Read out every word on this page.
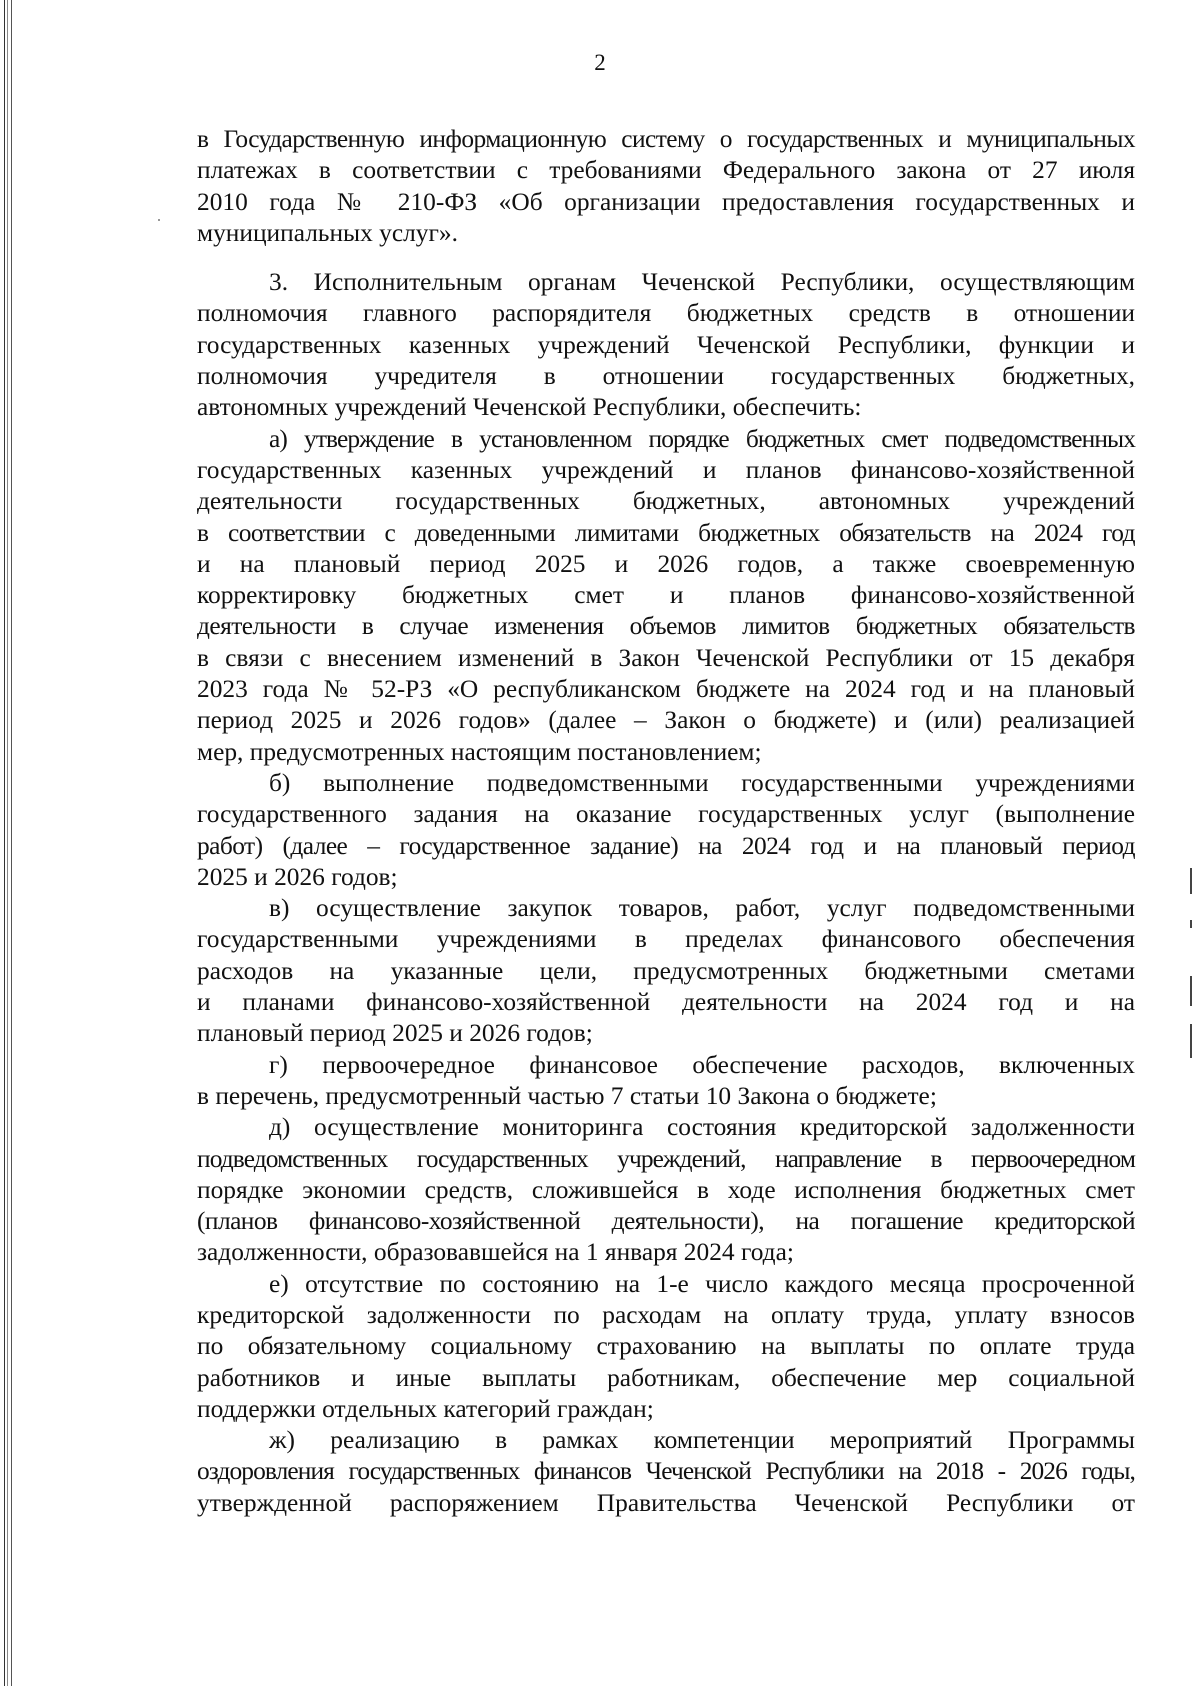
2

в Государственную информационную систему о государственных и муниципальных
платежах в соответствии с требованиями Федерального закона от 27 июля
2010 года № 210-ФЗ «Об организации предоставления государственных и
муниципальных услуг».

3. Исполнительным органам Чеченской Республики, осуществляющим
полномочия главного распорядителя бюджетных средств в отношении
государственных казенных учреждений Чеченской Республики, функции и
полномочия учредителя в отношении государственных бюджетных,
автономных учреждений Чеченской Республики, обеспечить:

а) утверждение в установленном порядке бюджетных смет подведомственных
государственных казенных учреждений и планов финансово-хозяйственной
деятельности государственных бюджетных, автономных учреждений
в соответствии с доведенными лимитами бюджетных обязательств на 2024 год
и на плановый период 2025 и 2026 годов, а также своевременную
корректировку бюджетных смет и планов финансово-хозяйственной
деятельности в случае изменения объемов лимитов бюджетных обязательств
в связи с внесением изменений в Закон Чеченской Республики от 15 декабря
2023 года № 52-РЗ «О республиканском бюджете на 2024 год и на плановый
период 2025 и 2026 годов» (далее – Закон о бюджете) и (или) реализацией
мер, предусмотренных настоящим постановлением;

б) выполнение подведомственными государственными учреждениями
государственного задания на оказание государственных услуг (выполнение
работ) (далее – государственное задание) на 2024 год и на плановый период
2025 и 2026 годов;

в) осуществление закупок товаров, работ, услуг подведомственными
государственными учреждениями в пределах финансового обеспечения
расходов на указанные цели, предусмотренных бюджетными сметами
и планами финансово-хозяйственной деятельности на 2024 год и на
плановый период 2025 и 2026 годов;

г) первоочередное финансовое обеспечение расходов, включенных
в перечень, предусмотренный частью 7 статьи 10 Закона о бюджете;

д) осуществление мониторинга состояния кредиторской задолженности
подведомственных государственных учреждений, направление в первоочередном
порядке экономии средств, сложившейся в ходе исполнения бюджетных смет
(планов финансово-хозяйственной деятельности), на погашение кредиторской
задолженности, образовавшейся на 1 января 2024 года;

е) отсутствие по состоянию на 1-е число каждого месяца просроченной
кредиторской задолженности по расходам на оплату труда, уплату взносов
по обязательному социальному страхованию на выплаты по оплате труда
работников и иные выплаты работникам, обеспечение мер социальной
поддержки отдельных категорий граждан;

ж) реализацию в рамках компетенции мероприятий Программы
оздоровления государственных финансов Чеченской Республики на 2018 - 2026 годы,
утвержденной распоряжением Правительства Чеченской Республики от
